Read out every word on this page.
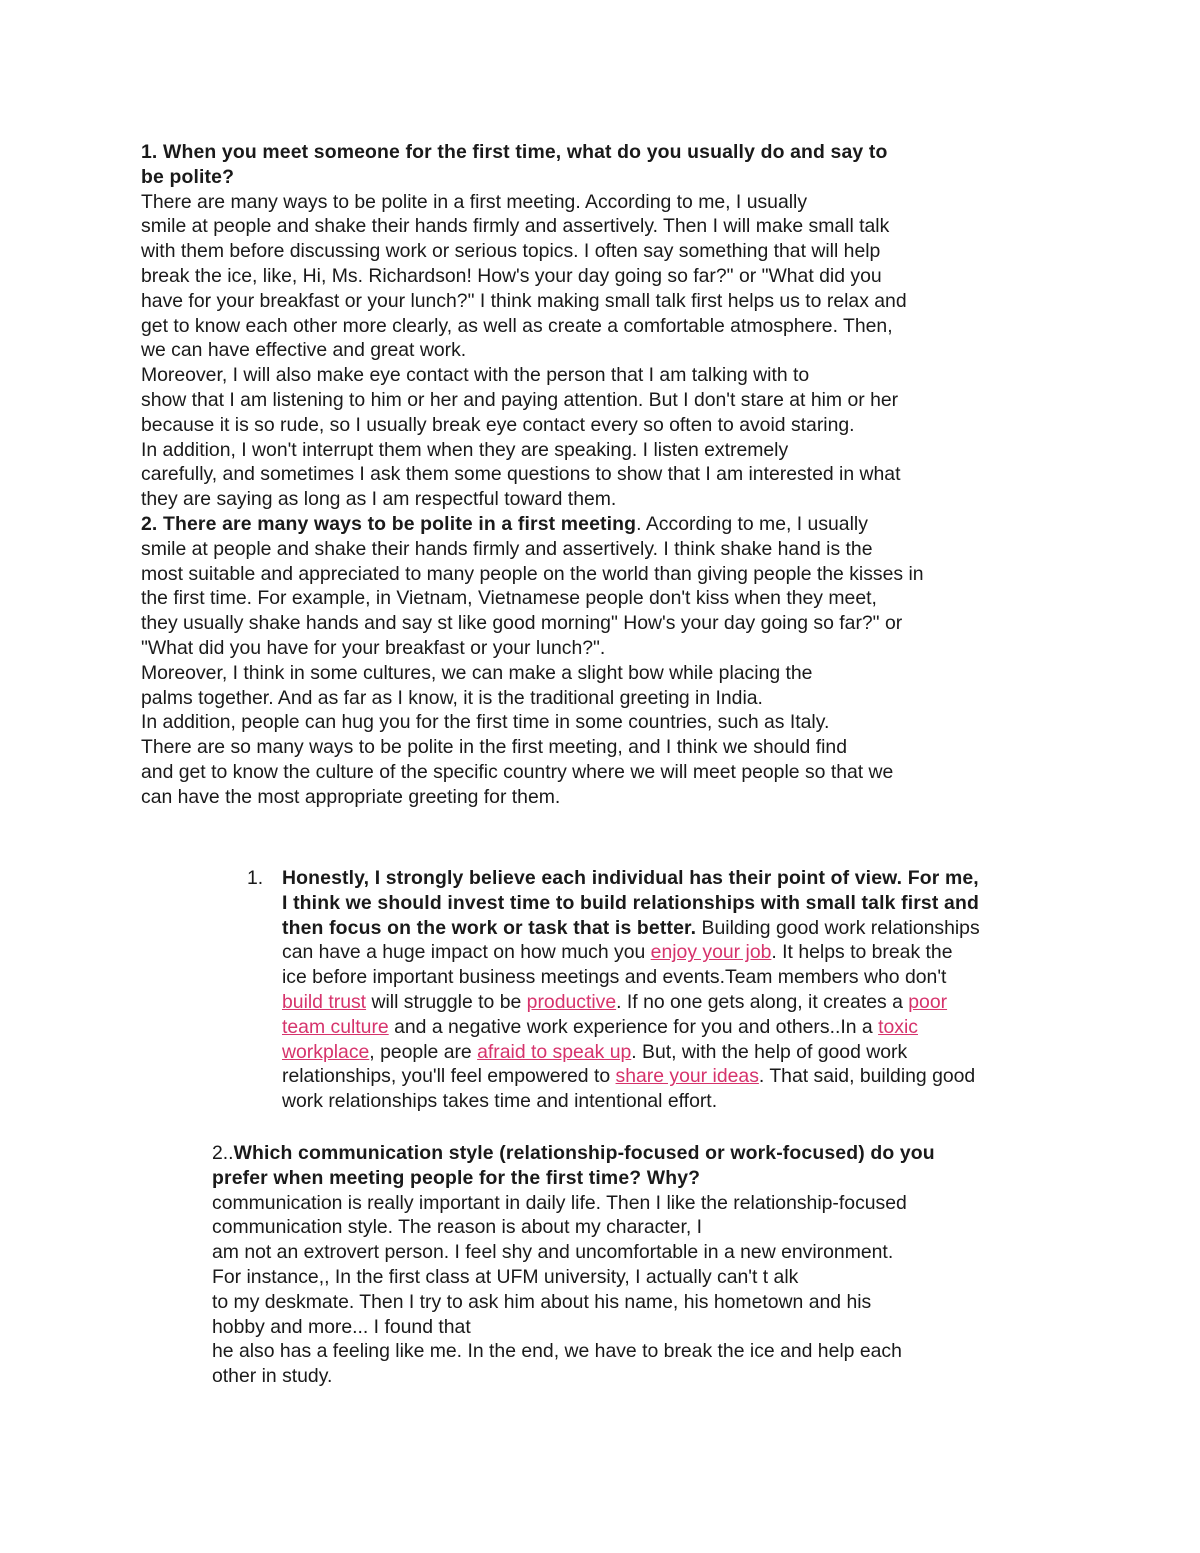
1. When you meet someone for the first time, what do you usually do and say to
be polite?
There are many ways to be polite in a first meeting. According to me, I usually
smile at people and shake their hands firmly and assertively. Then I will make small talk
with them before discussing work or serious topics. I often say something that will help
break the ice, like, Hi, Ms. Richardson! How's your day going so far?" or "What did you
have for your breakfast or your lunch?" I think making small talk first helps us to relax and
get to know each other more clearly, as well as create a comfortable atmosphere. Then,
we can have effective and great work.
Moreover, I will also make eye contact with the person that I am talking with to
show that I am listening to him or her and paying attention. But I don't stare at him or her
because it is so rude, so I usually break eye contact every so often to avoid staring.
In addition, I won't interrupt them when they are speaking. I listen extremely
carefully, and sometimes I ask them some questions to show that I am interested in what
they are saying as long as I am respectful toward them.
2. There are many ways to be polite in a first meeting. According to me, I usually
smile at people and shake their hands firmly and assertively. I think shake hand is the
most suitable and appreciated to many people on the world than giving people the kisses in
the first time. For example, in Vietnam, Vietnamese people don't kiss when they meet,
they usually shake hands and say st like good morning" How's your day going so far?" or
"What did you have for your breakfast or your lunch?".
Moreover, I think in some cultures, we can make a slight bow while placing the
palms together. And as far as I know, it is the traditional greeting in India.
In addition, people can hug you for the first time in some countries, such as Italy.
There are so many ways to be polite in the first meeting, and I think we should find
and get to know the culture of the specific country where we will meet people so that we
can have the most appropriate greeting for them.
1. Honestly, I strongly believe each individual has their point of view. For me,
I think we should invest time to build relationships with small talk first and
then focus on the work or task that is better. Building good work relationships
can have a huge impact on how much you enjoy your job. It helps to break the
ice before important business meetings and events.Team members who don't
build trust will struggle to be productive. If no one gets along, it creates a poor
team culture and a negative work experience for you and others..In a toxic
workplace, people are afraid to speak up. But, with the help of good work
relationships, you'll feel empowered to share your ideas. That said, building good
work relationships takes time and intentional effort.
2..Which communication style (relationship-focused or work-focused) do you
prefer when meeting people for the first time? Why?
communication is really important in daily life. Then I like the relationship-focused
communication style. The reason is about my character, I
am not an extrovert person. I feel shy and uncomfortable in a new environment.
For instance,, In the first class at UFM university, I actually can't t alk
to my deskmate. Then I try to ask him about his name, his hometown and his
hobby and more... I found that
he also has a feeling like me. In the end, we have to break the ice and help each
other in study.
